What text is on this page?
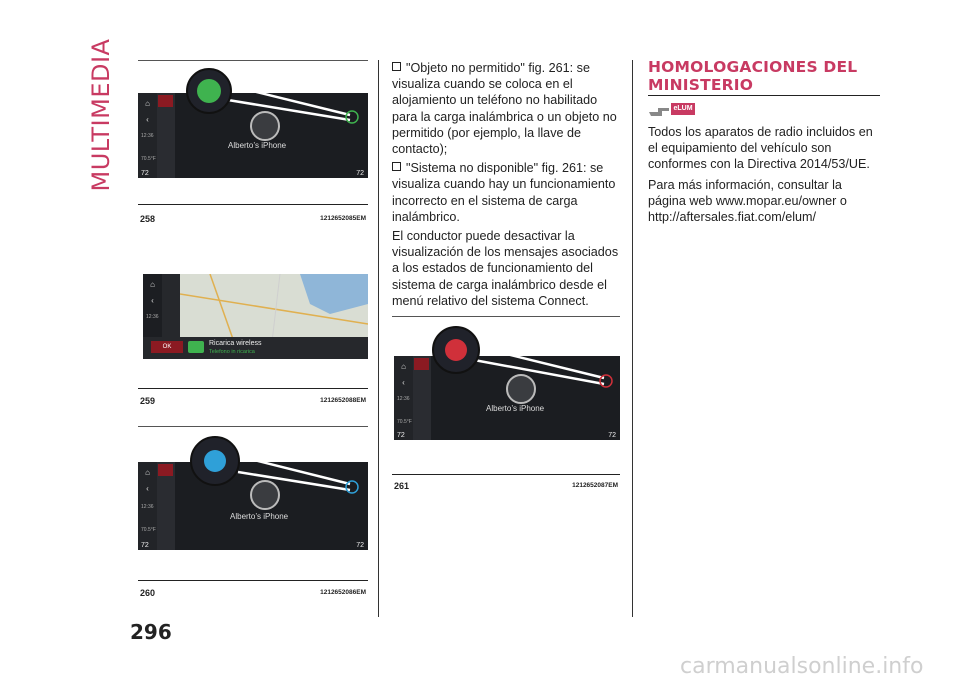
MULTIMEDIA	⌂
‹
12:36
70.5°F
Alberto’s iPhone
72	72
258	1212652085EM
⌂
‹
12:36
OK	Ricarica wireless
Telefono in ricarica
259	1212652088EM
⌂
‹
12:36
70.5°F
Alberto’s iPhone
72	72
260	1212652086EM

"Objeto no permitido" fig. 261: se visualiza cuando se coloca en el alojamiento un teléfono no habilitado para la carga inalámbrica o un objeto no permitido (por ejemplo, la llave de contacto);

"Sistema no disponible" fig. 261: se visualiza cuando hay un funcionamiento incorrecto en el sistema de carga inalámbrico.

El conductor puede desactivar la visualización de los mensajes asociados a los estados de funcionamiento del sistema de carga inalámbrico desde el menú relativo del sistema Connect.

⌂
‹
12:36
70.5°F
Alberto’s iPhone
72	72
261	1212652087EM
HOMOLOGACIONES DEL MINISTERIO
eLUM

Todos los aparatos de radio incluidos en el equipamiento del vehículo son conformes con la Directiva 2014/53/UE.

Para más información, consultar la página web www.mopar.eu/owner o http://aftersales.fiat.com/elum/

296
carmanualsonline.info
